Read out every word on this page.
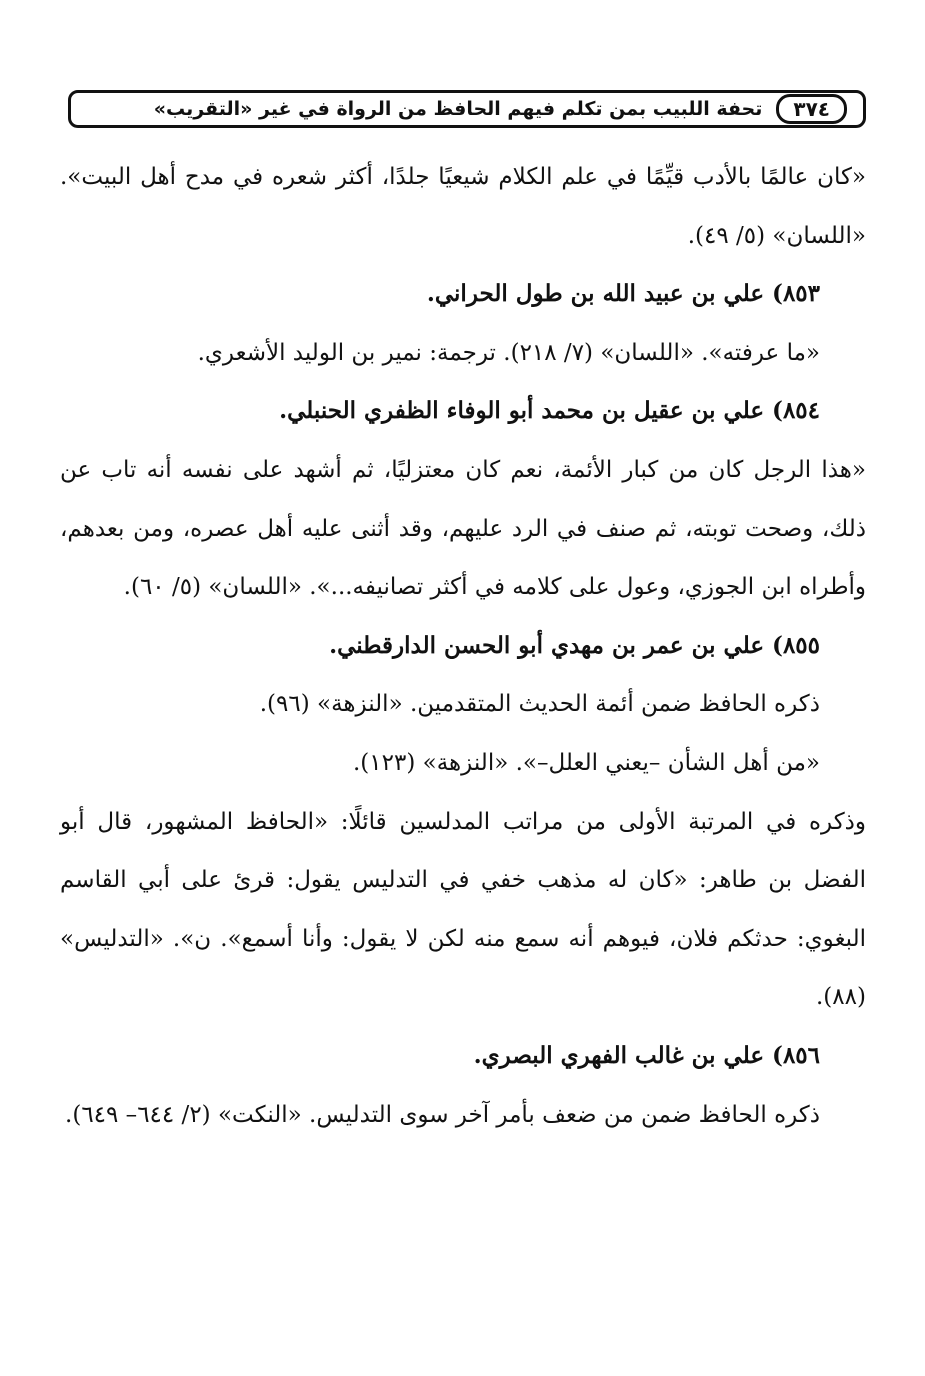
٣٧٤
تحفة اللبيب بمن تكلم فيهم الحافظ من الرواة في غير «التقريب»

«كان عالمًا بالأدب قيِّمًا في علم الكلام شيعيًا جلدًا، أكثر شعره في مدح أهل البيت». «اللسان» (٥/ ٤٩).

٨٥٣) علي بن عبيد الله بن طول الحراني.

«ما عرفته». «اللسان» (٧/ ٢١٨). ترجمة: نمير بن الوليد الأشعري.

٨٥٤) علي بن عقيل بن محمد أبو الوفاء الظفري الحنبلي.

«هذا الرجل كان من كبار الأئمة، نعم كان معتزليًا، ثم أشهد على نفسه أنه تاب عن ذلك، وصحت توبته، ثم صنف في الرد عليهم، وقد أثنى عليه أهل عصره، ومن بعدهم، وأطراه ابن الجوزي، وعول على كلامه في أكثر تصانيفه...». «اللسان» (٥/ ٦٠).

٨٥٥) علي بن عمر بن مهدي أبو الحسن الدارقطني.

ذكره الحافظ ضمن أئمة الحديث المتقدمين. «النزهة» (٩٦).

«من أهل الشأن –يعني العلل–». «النزهة» (١٢٣).

وذكره في المرتبة الأولى من مراتب المدلسين قائلًا: «الحافظ المشهور، قال أبو الفضل بن طاهر: «كان له مذهب خفي في التدليس يقول: قرئ على أبي القاسم البغوي: حدثكم فلان، فيوهم أنه سمع منه لكن لا يقول: وأنا أسمع». ن». «التدليس» (٨٨).

٨٥٦) علي بن غالب الفهري البصري.

ذكره الحافظ ضمن من ضعف بأمر آخر سوى التدليس. «النكت» (٢/ ٦٤٤– ٦٤٩).
